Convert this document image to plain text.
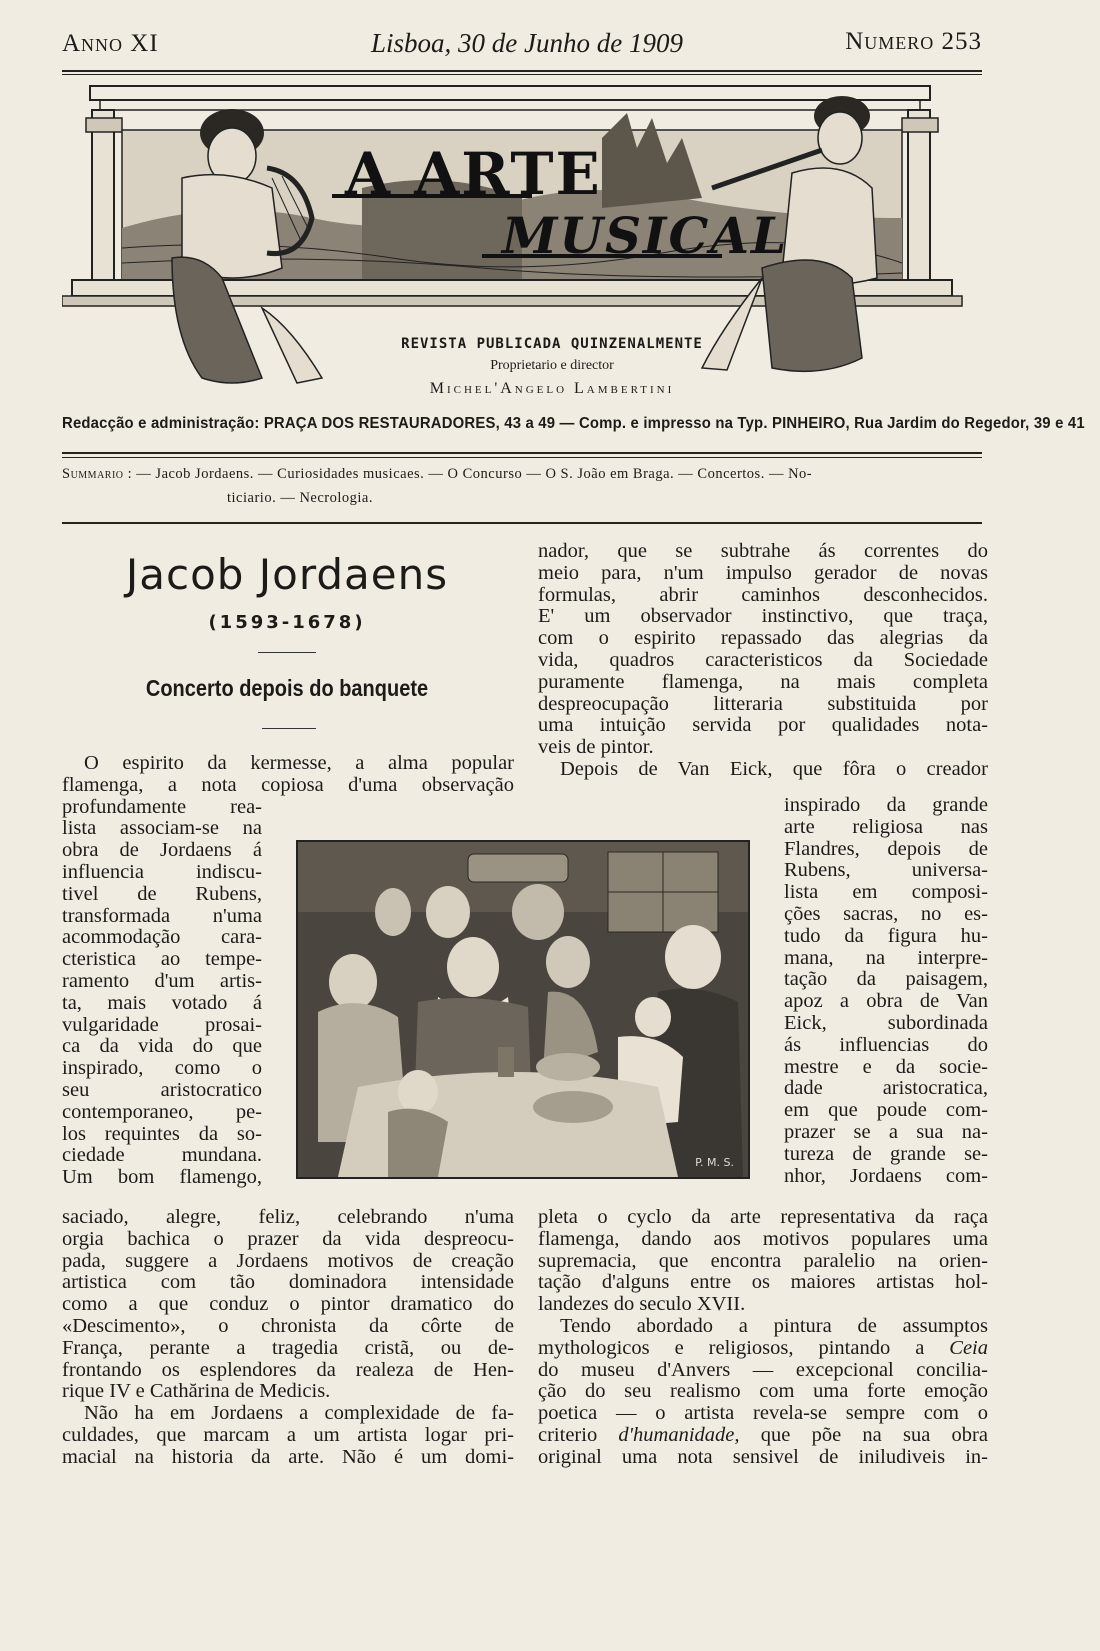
Anno XI	Lisboa, 30 de Junho de 1909	Numero 253
A ARTE
MUSICAL
REVISTA PUBLICADA QUINZENALMENTE
Proprietario e director
Michel'Angelo Lambertini
Redacção e administração: PRAÇA DOS RESTAURADORES, 43 a 49 — Comp. e impresso na Typ. PINHEIRO, Rua Jardim do Regedor, 39 e 41
Summario : — Jacob Jordaens. — Curiosidades musicaes. — O Concurso — O S. João em Braga. — Concertos. — No-
ticiario. — Necrologia.
Jacob Jordaens
(1593-1678)
Concerto depois do banquete
O espirito da kermesse, a alma popular
flamenga, a nota copiosa d'uma observação
profundamente rea-
lista associam-se na
obra de Jordaens á
influencia indiscu-
tivel de Rubens,
transformada n'uma
acommodação cara-
cteristica ao tempe-
ramento d'um artis-
ta, mais votado á
vulgaridade prosai-
ca da vida do que
inspirado, como o
seu aristocratico
contemporaneo, pe-
los requintes da so-
ciedade mundana.
Um bom flamengo,
P. M. S.
saciado, alegre, feliz, celebrando n'uma
orgia bachica o prazer da vida despreocu-
pada, suggere a Jordaens motivos de creação
artistica com tão dominadora intensidade
como a que conduz o pintor dramatico do
«Descimento», o chronista da côrte de
França, perante a tragedia cristã, ou de-
frontando os esplendores da realeza de Hen-
rique IV e Cathărina de Medicis.
Não ha em Jordaens a complexidade de fa-
culdades, que marcam a um artista logar pri-
macial na historia da arte. Não é um domi-
nador, que se subtrahe ás correntes do
meio para, n'um impulso gerador de novas
formulas, abrir caminhos desconhecidos.
E' um observador instinctivo, que traça,
com o espirito repassado das alegrias da
vida, quadros caracteristicos da Sociedade
puramente flamenga, na mais completa
despreocupação litteraria substituida por
uma intuição servida por qualidades nota-
veis de pintor.
Depois de Van Eick, que fôra o creador
inspirado da grande
arte religiosa nas
Flandres, depois de
Rubens, universa-
lista em composi-
ções sacras, no es-
tudo da figura hu-
mana, na interpre-
tação da paisagem,
apoz a obra de Van
Eick, subordinada
ás influencias do
mestre e da socie-
dade aristocratica,
em que poude com-
prazer se a sua na-
tureza de grande se-
nhor, Jordaens com-
pleta o cyclo da arte representativa da raça
flamenga, dando aos motivos populares uma
supremacia, que encontra paralelio na orien-
tação d'alguns entre os maiores artistas hol-
landezes do seculo XVII.
Tendo abordado a pintura de assumptos
mythologicos e religiosos, pintando a Ceia
do museu d'Anvers — excepcional concilia-
ção do seu realismo com uma forte emoção
poetica — o artista revela-se sempre com o
criterio d'humanidade, que põe na sua obra
original uma nota sensivel de iniludiveis in-
